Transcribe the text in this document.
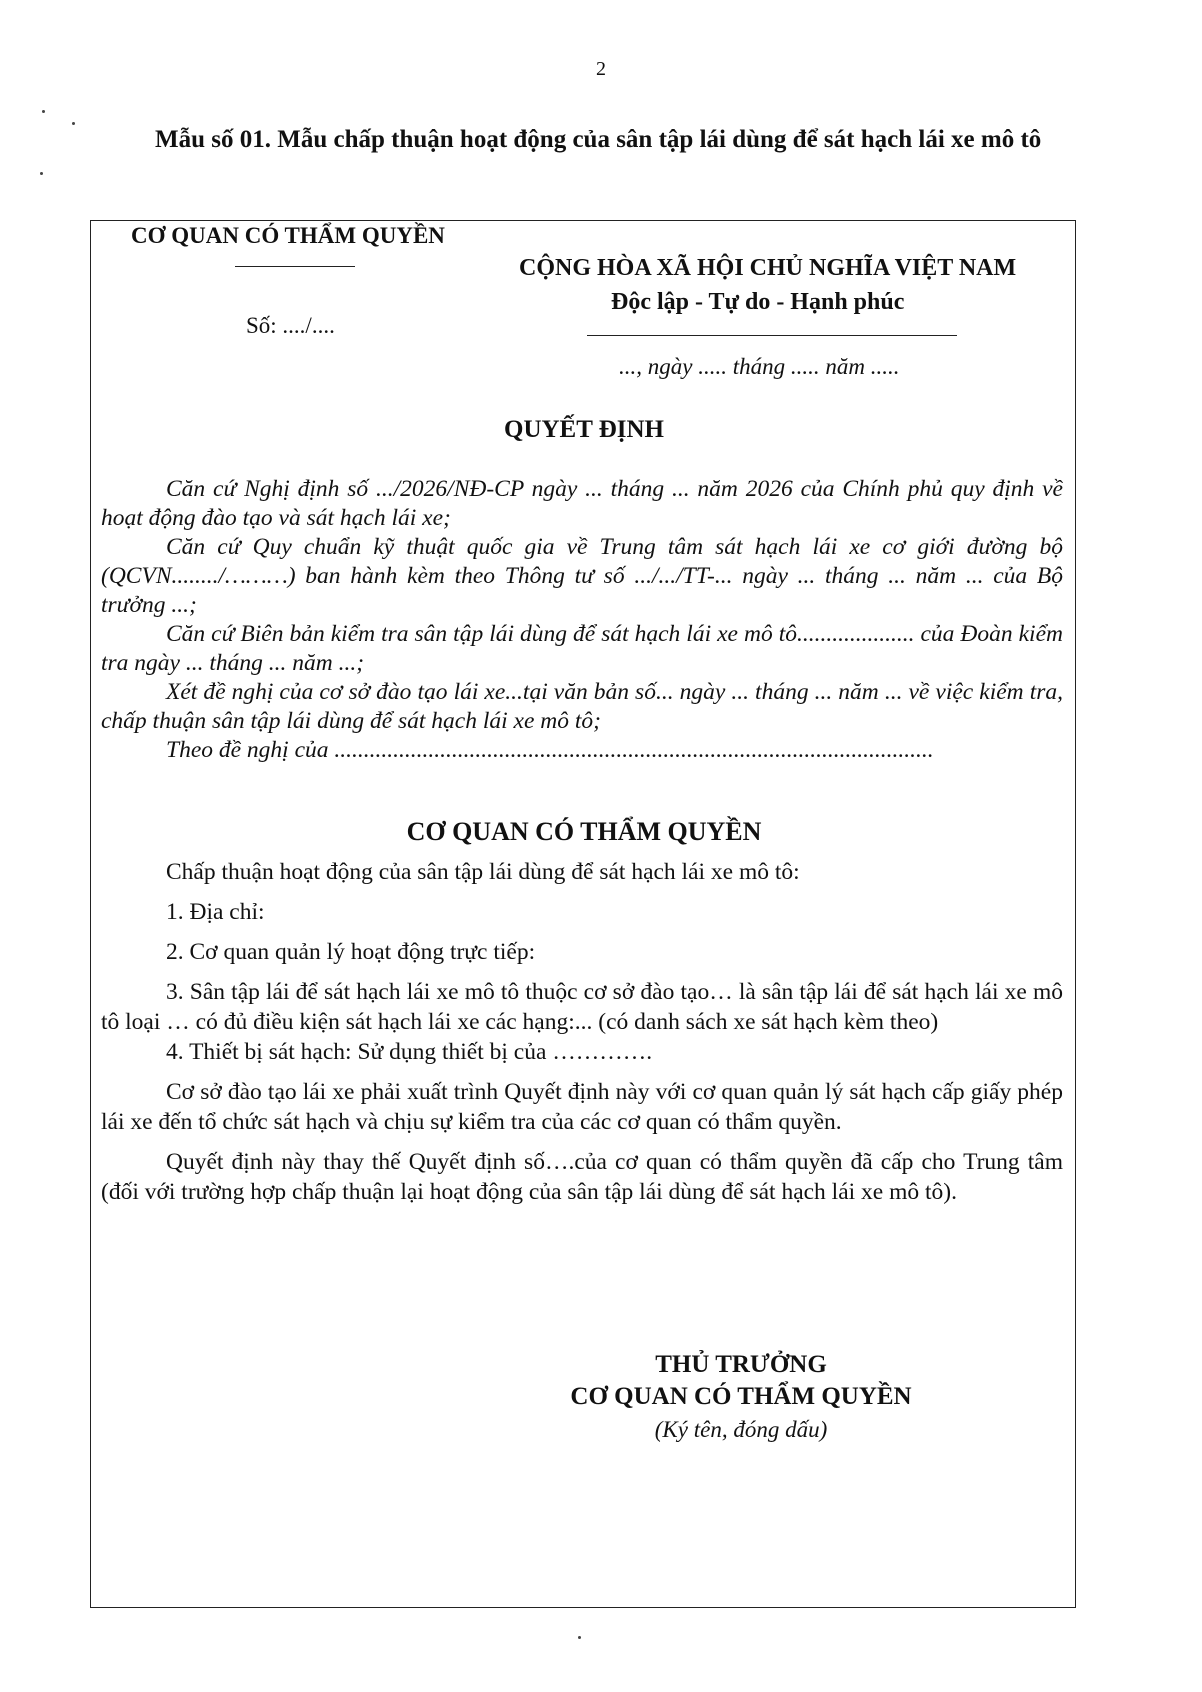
2
Mẫu số 01. Mẫu chấp thuận hoạt động của sân tập lái dùng để sát hạch lái xe mô tô
CƠ QUAN CÓ THẨM QUYỀN
Số: ..../....
CỘNG HÒA XÃ HỘI CHỦ NGHĨA VIỆT NAM
Độc lập - Tự do - Hạnh phúc
..., ngày ..... tháng ..... năm .....
QUYẾT ĐỊNH

Căn cứ Nghị định số .../2026/NĐ-CP ngày ... tháng ... năm 2026 của Chính phủ quy định về hoạt động đào tạo và sát hạch lái xe;

Căn cứ Quy chuẩn kỹ thuật quốc gia về Trung tâm sát hạch lái xe cơ giới đường bộ (QCVN......../………) ban hành kèm theo Thông tư số .../.../TT-... ngày ... tháng ... năm ... của Bộ trưởng ...;

Căn cứ Biên bản kiểm tra sân tập lái dùng để sát hạch lái xe mô tô.................... của Đoàn kiểm tra ngày ... tháng ... năm ...;

Xét đề nghị của cơ sở đào tạo lái xe...tại văn bản số... ngày ... tháng ... năm ... về việc kiểm tra, chấp thuận sân tập lái dùng để sát hạch lái xe mô tô;

Theo đề nghị của ......................................................................................................

CƠ QUAN CÓ THẨM QUYỀN

Chấp thuận hoạt động của sân tập lái dùng để sát hạch lái xe mô tô:

1. Địa chỉ:

2. Cơ quan quản lý hoạt động trực tiếp:

3. Sân tập lái để sát hạch lái xe mô tô thuộc cơ sở đào tạo… là sân tập lái để sát hạch lái xe mô tô loại … có đủ điều kiện sát hạch lái xe các hạng:... (có danh sách xe sát hạch kèm theo)

4. Thiết bị sát hạch: Sử dụng thiết bị của ………….

Cơ sở đào tạo lái xe phải xuất trình Quyết định này với cơ quan quản lý sát hạch cấp giấy phép lái xe đến tổ chức sát hạch và chịu sự kiểm tra của các cơ quan có thẩm quyền.

Quyết định này thay thế Quyết định số….của cơ quan có thẩm quyền đã cấp cho Trung tâm (đối với trường hợp chấp thuận lại hoạt động của sân tập lái dùng để sát hạch lái xe mô tô).

THỦ TRƯỞNG
CƠ QUAN CÓ THẨM QUYỀN
(Ký tên, đóng dấu)
